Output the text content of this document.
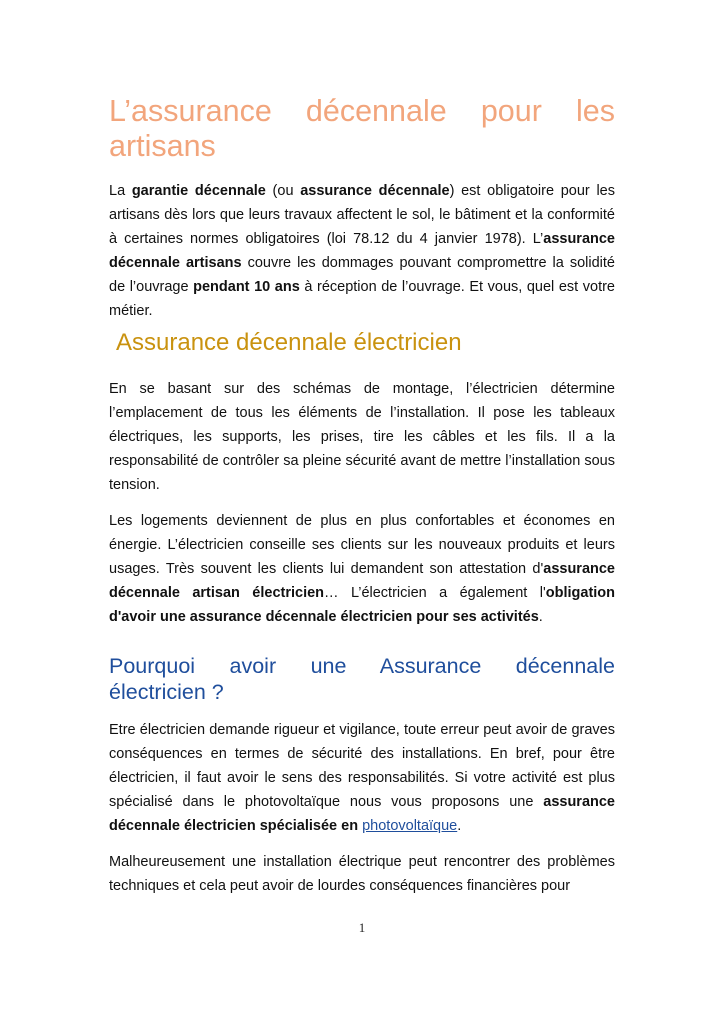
L’assurance décennale pour les
artisans

La garantie décennale (ou assurance décennale) est obligatoire pour les artisans dès lors que leurs travaux affectent le sol, le bâtiment et la conformité à certaines normes obligatoires (loi 78.12 du 4 janvier 1978). L’assurance décennale artisans couvre les dommages pouvant compromettre la solidité de l’ouvrage pendant 10 ans à réception de l’ouvrage. Et vous, quel est votre métier.

Assurance décennale électricien

En se basant sur des schémas de montage, l’électricien détermine l’emplacement de tous les éléments de l’installation. Il pose les tableaux électriques, les supports, les prises, tire les câbles et les fils. Il a la responsabilité de contrôler sa pleine sécurité avant de mettre l’installation sous tension.

Les logements deviennent de plus en plus confortables et économes en énergie. L’électricien conseille ses clients sur les nouveaux produits et leurs usages. Très souvent les clients lui demandent son attestation d'assurance décennale artisan électricien… L’électricien a également l'obligation d'avoir une assurance décennale électricien pour ses activités.

Pourquoi avoir une Assurance décennale
électricien ?

Etre électricien demande rigueur et vigilance, toute erreur peut avoir de graves conséquences en termes de sécurité des installations. En bref, pour être électricien, il faut avoir le sens des responsabilités. Si votre activité est plus spécialisé dans le photovoltaïque nous vous proposons une assurance décennale électricien spécialisée en photovoltaïque.

Malheureusement une installation électrique peut rencontrer des problèmes techniques et cela peut avoir de lourdes conséquences financières pour

1
